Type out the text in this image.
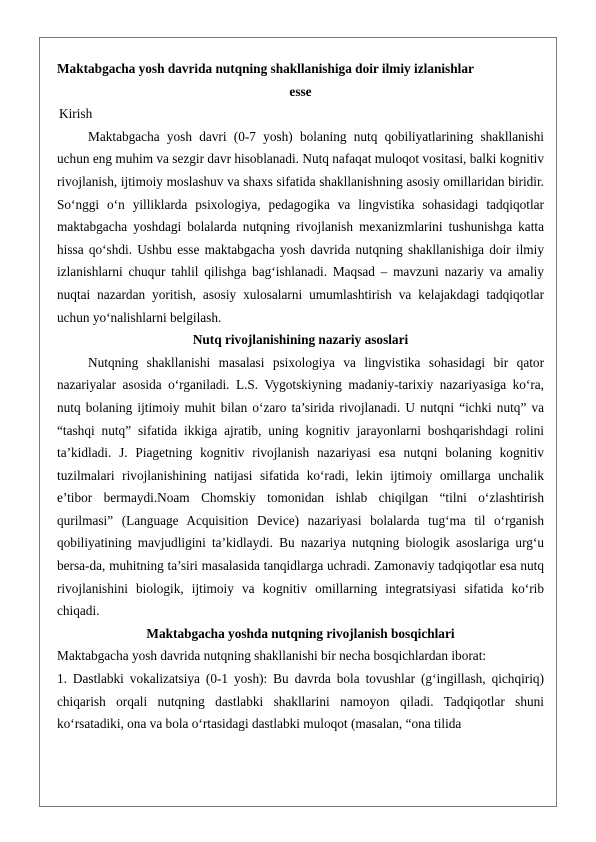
Maktabgacha yosh davrida nutqning shakllanishiga doir ilmiy izlanishlar

esse

Kirish

Maktabgacha yosh davri (0-7 yosh) bolaning nutq qobiliyatlarining shakllanishi uchun eng muhim va sezgir davr hisoblanadi. Nutq nafaqat muloqot vositasi, balki kognitiv rivojlanish, ijtimoiy moslashuv va shaxs sifatida shakllanishning asosiy omillaridan biridir. So‘nggi o‘n yilliklarda psixologiya, pedagogika va lingvistika sohasidagi tadqiqotlar maktabgacha yoshdagi bolalarda nutqning rivojlanish mexanizmlarini tushunishga katta hissa qo‘shdi. Ushbu esse maktabgacha yosh davrida nutqning shakllanishiga doir ilmiy izlanishlarni chuqur tahlil qilishga bag‘ishlanadi. Maqsad – mavzuni nazariy va amaliy nuqtai nazardan yoritish, asosiy xulosalarni umumlashtirish va kelajakdagi tadqiqotlar uchun yo‘nalishlarni belgilash.

Nutq rivojlanishining nazariy asoslari

Nutqning shakllanishi masalasi psixologiya va lingvistika sohasidagi bir qator nazariyalar asosida o‘rganiladi. L.S. Vygotskiyning madaniy-tarixiy nazariyasiga ko‘ra, nutq bolaning ijtimoiy muhit bilan o‘zaro ta’sirida rivojlanadi. U nutqni “ichki nutq” va “tashqi nutq” sifatida ikkiga ajratib, uning kognitiv jarayonlarni boshqarishdagi rolini ta’kidladi. J. Piagetning kognitiv rivojlanish nazariyasi esa nutqni bolaning kognitiv tuzilmalari rivojlanishining natijasi sifatida ko‘radi, lekin ijtimoiy omillarga unchalik e’tibor bermaydi.Noam Chomskiy tomonidan ishlab chiqilgan “tilni o‘zlashtirish qurilmasi” (Language Acquisition Device) nazariyasi bolalarda tug‘ma til o‘rganish qobiliyatining mavjudligini ta’kidlaydi. Bu nazariya nutqning biologik asoslariga urg‘u bersa-da, muhitning ta’siri masalasida tanqidlarga uchradi. Zamonaviy tadqiqotlar esa nutq rivojlanishini biologik, ijtimoiy va kognitiv omillarning integratsiyasi sifatida ko‘rib chiqadi.

Maktabgacha yoshda nutqning rivojlanish bosqichlari

Maktabgacha yosh davrida nutqning shakllanishi bir necha bosqichlardan iborat:

1. Dastlabki vokalizatsiya (0-1 yosh): Bu davrda bola tovushlar (g‘ingillash, qichqiriq) chiqarish orqali nutqning dastlabki shakllarini namoyon qiladi. Tadqiqotlar shuni ko‘rsatadiki, ona va bola o‘rtasidagi dastlabki muloqot (masalan, “ona tilida
